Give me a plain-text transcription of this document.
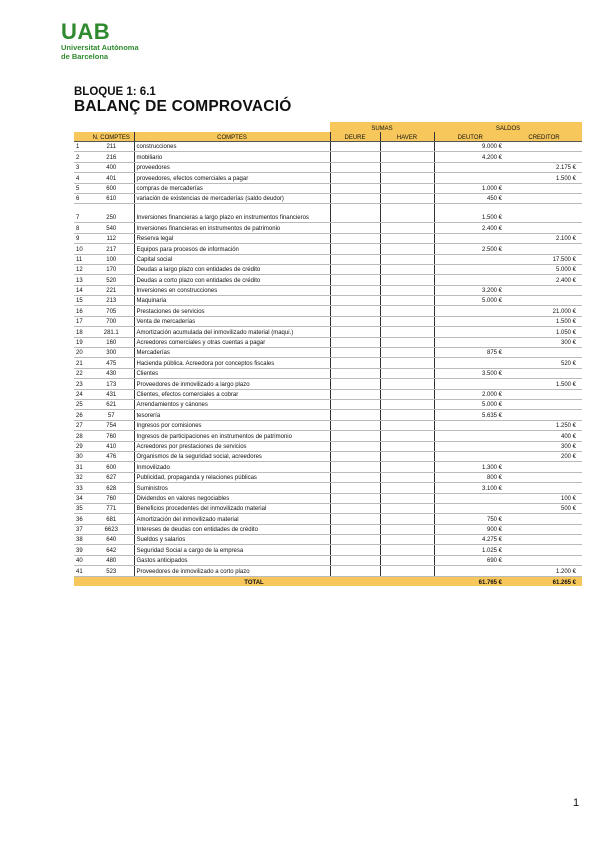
UAB
Universitat Autònoma
de Barcelona
BLOQUE 1: 6.1
BALANÇ DE COMPROVACIÓ
			SUMAS		SALDOS	
	N. COMPTES	COMPTES	DEURE	HAVER	DEUTOR	CREDITOR
1	211	construcciones			9.000 €	
2	216	mobiliario			4.200 €	
3	400	proveedores				2.175 €
4	401	proveedores, efectos comerciales a pagar				1.500 €
5	600	compras de mercaderías			1.000 €	
6	610	variación de existencias de mercaderías (saldo deudor)			450 €	
7	250	Inversiones financieras a largo plazo en instrumentos financieros			1.500 €	
8	540	Inversiones financieras en instrumentos de patrimonio			2.400 €	
9	112	Reserva legal				2.100 €
10	217	Equipos para procesos de información			2.500 €	
11	100	Capital social				17.500 €
12	170	Deudas a largo plazo con entidades de crédito				5.000 €
13	520	Deudas a corto plazo con entidades de crédito				2.400 €
14	221	Inversiones en construcciones			3.200 €	
15	213	Maquinaria			5.000 €	
16	705	Prestaciones de servicios				21.000 €
17	700	Venta de mercaderías				1.500 €
18	281.1	Amortización acumulada del inmovilizado material (maqui.)				1.050 €
19	160	Acreedores comerciales y otras cuentas a pagar				300 €
20	300	Mercaderías			875 €	
21	475	Hacienda pública. Acreedora por conceptos fiscales				520 €
22	430	Clientes			3.500 €	
23	173	Proveedores de inmovilizado a largo plazo				1.500 €
24	431	Clientes, efectos comerciales a cobrar			2.000 €	
25	621	Arrendamientos y cánones			5.000 €	
26	57	tesorería			5.635 €	
27	754	Ingresos por comisiones				1.250 €
28	760	Ingresos de participaciones en instrumentos de patrimonio				400 €
29	410	Acreedores por prestaciones de servicios				300 €
30	476	Organismos de la seguridad social, acreedores				200 €
31	600	Inmovilizado			1.300 €	
32	627	Publicidad, propaganda y relaciones públicas			800 €	
33	628	Suministros			3.100 €	
34	760	Dividendos en valores negociables				100 €
35	771	Beneficios procedentes del inmovilizado material				500 €
36	681	Amortización del inmovilizado material			750 €	
37	6623	Intereses de deudas con entidades de crédito			900 €	
38	640	Sueldos y salarios			4.275 €	
39	642	Seguridad Social a cargo de la empresa			1.025 €	
40	480	Gastos anticipados			690 €	
41	523	Proveedores de inmovilizado a corto plazo				1.200 €
TOTAL					61.765 €	61.265 €
1
